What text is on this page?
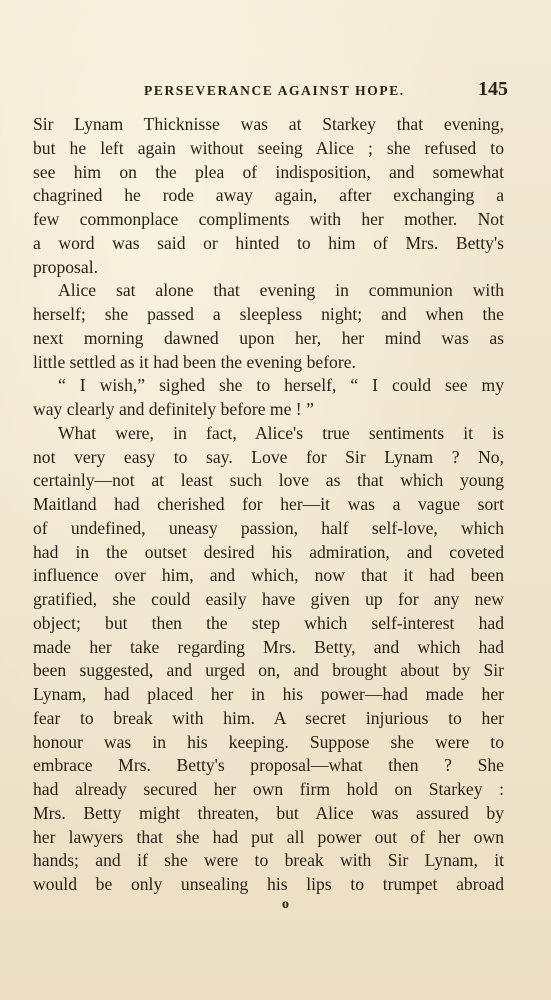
PERSEVERANCE AGAINST HOPE.	145
Sir Lynam Thicknisse was at Starkey that evening,
but he left again without seeing Alice ; she refused to
see him on the plea of indisposition, and somewhat
chagrined he rode away again, after exchanging a
few commonplace compliments with her mother. Not
a word was said or hinted to him of Mrs. Betty's
proposal.
Alice sat alone that evening in communion with
herself; she passed a sleepless night; and when the
next morning dawned upon her, her mind was as
little settled as it had been the evening before.
“ I wish,” sighed she to herself, “ I could see my
way clearly and definitely before me ! ”
What were, in fact, Alice's true sentiments it is
not very easy to say. Love for Sir Lynam ? No,
certainly—not at least such love as that which young
Maitland had cherished for her—it was a vague sort
of undefined, uneasy passion, half self-love, which
had in the outset desired his admiration, and coveted
influence over him, and which, now that it had been
gratified, she could easily have given up for any new
object; but then the step which self-interest had
made her take regarding Mrs. Betty, and which had
been suggested, and urged on, and brought about by Sir
Lynam, had placed her in his power—had made her
fear to break with him. A secret injurious to her
honour was in his keeping. Suppose she were to
embrace Mrs. Betty's proposal—what then ? She
had already secured her own firm hold on Starkey :
Mrs. Betty might threaten, but Alice was assured by
her lawyers that she had put all power out of her own
hands; and if she were to break with Sir Lynam, it
would be only unsealing his lips to trumpet abroad
o
